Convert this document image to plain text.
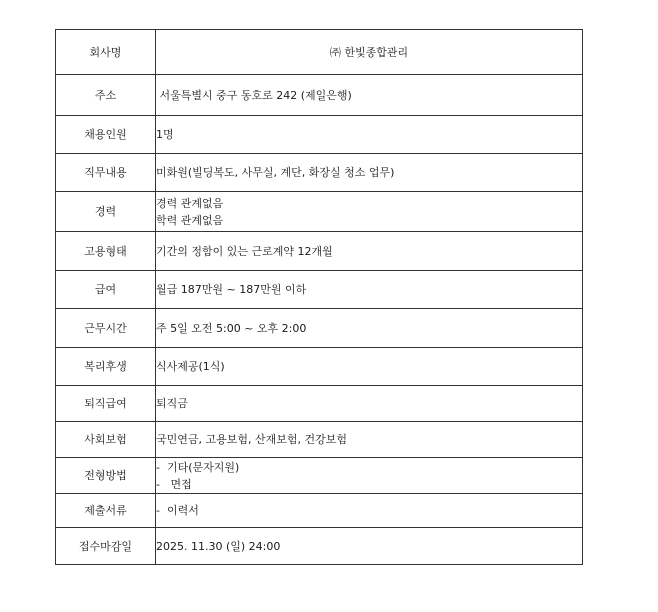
회사명	㈜ 한빛종합관리

주소	서울특별시 중구 동호로 242 (제일은행)

채용인원	1명

직무내용	미화원(빌딩복도, 사무실, 계단, 화장실 청소 업무)

경력	경력 관계없음
학력 관계없음

고용형태	기간의 정함이 있는 근로계약 12개월

급여	월급 187만원 ~ 187만원 이하

근무시간	주 5일 오전 5:00 ~ 오후 2:00

복리후생	식사제공(1식)

퇴직급여	퇴직금

사회보험	국민연금, 고용보험, 산재보험, 건강보험

전형방법	-  기타(문자지원)
-   면접

제출서류	-  이력서

접수마감일	2025. 11.30 (일) 24:00
